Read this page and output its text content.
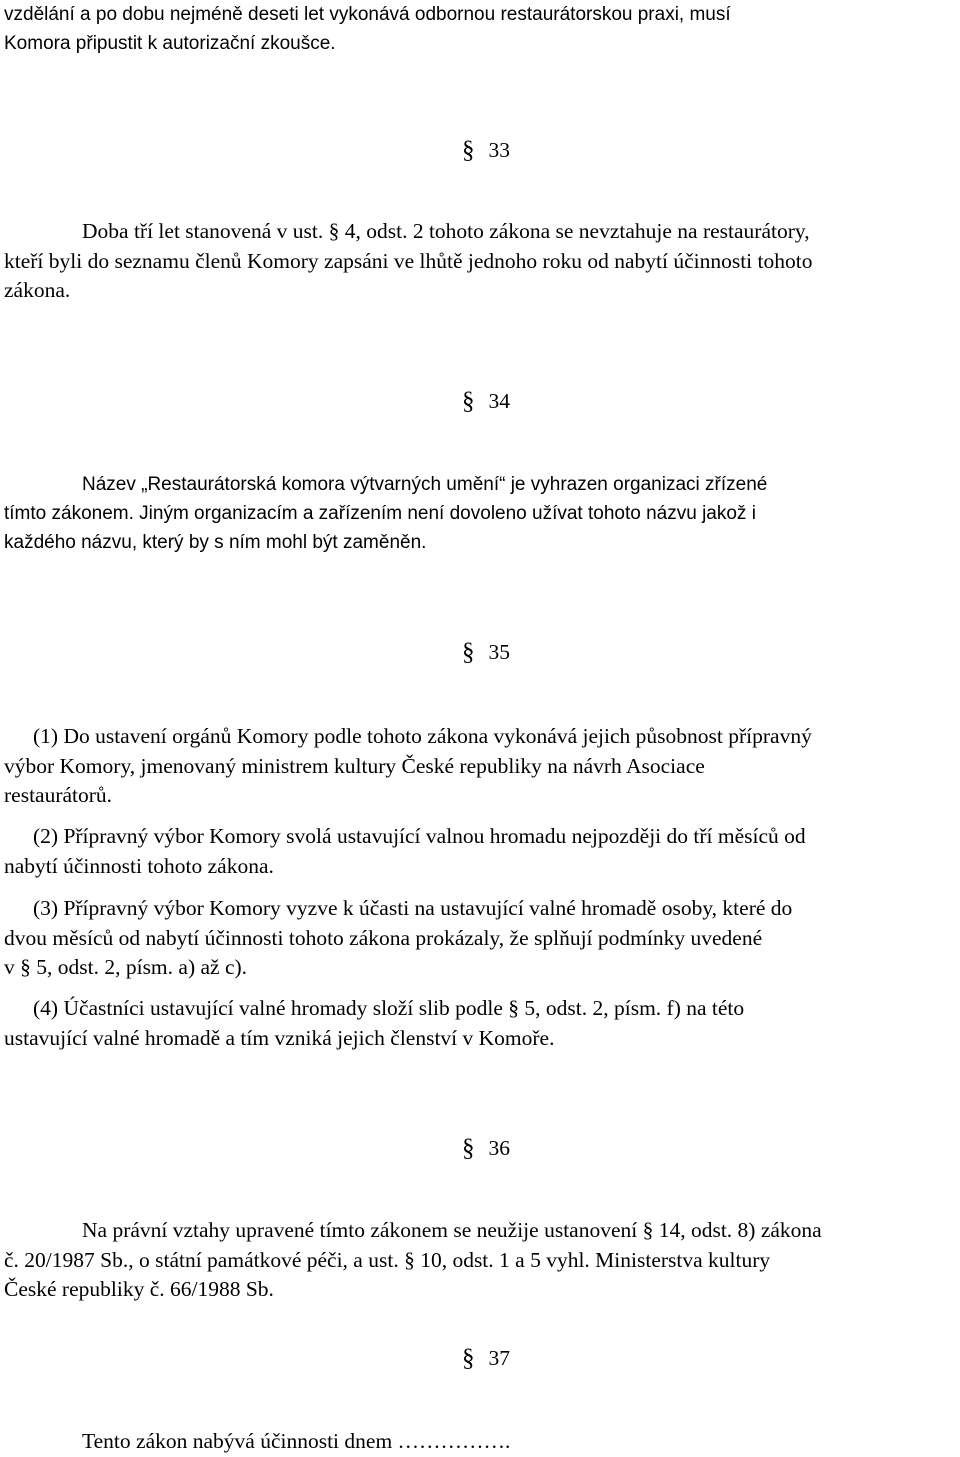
vzdělání a po dobu nejméně deseti let vykonává odbornou restaurátorskou praxi, musí
Komora připustit k autorizační zkoušce.
§ 33
Doba tří let stanovená v ust. § 4, odst. 2 tohoto zákona se nevztahuje na restaurátory,
kteří byli do seznamu členů Komory zapsáni ve lhůtě jednoho roku od nabytí účinnosti tohoto
zákona.
§ 34
Název „Restaurátorská komora výtvarných umění“ je vyhrazen organizaci zřízené
tímto zákonem. Jiným organizacím a zařízením není dovoleno užívat tohoto názvu jakož i
každého názvu, který by s ním mohl být zaměněn.
§ 35
(1) Do ustavení orgánů Komory podle tohoto zákona vykonává jejich působnost přípravný
výbor Komory, jmenovaný ministrem kultury České republiky na návrh Asociace
restaurátorů.
(2) Přípravný výbor Komory svolá ustavující valnou hromadu nejpozději do tří měsíců od
nabytí účinnosti tohoto zákona.
(3) Přípravný výbor Komory vyzve k účasti na ustavující valné hromadě osoby, které do
dvou měsíců od nabytí účinnosti tohoto zákona prokázaly, že splňují podmínky uvedené
v § 5, odst. 2, písm. a) až c).
(4) Účastníci ustavující valné hromady složí slib podle § 5, odst. 2, písm. f) na této
ustavující valné hromadě a tím vzniká jejich členství v Komoře.
§ 36
Na právní vztahy upravené tímto zákonem se neužije ustanovení § 14, odst. 8) zákona
č. 20/1987 Sb., o státní památkové péči, a ust. § 10, odst. 1 a 5 vyhl. Ministerstva kultury
České republiky č. 66/1988 Sb.
§ 37
Tento zákon nabývá účinnosti dnem …………….
